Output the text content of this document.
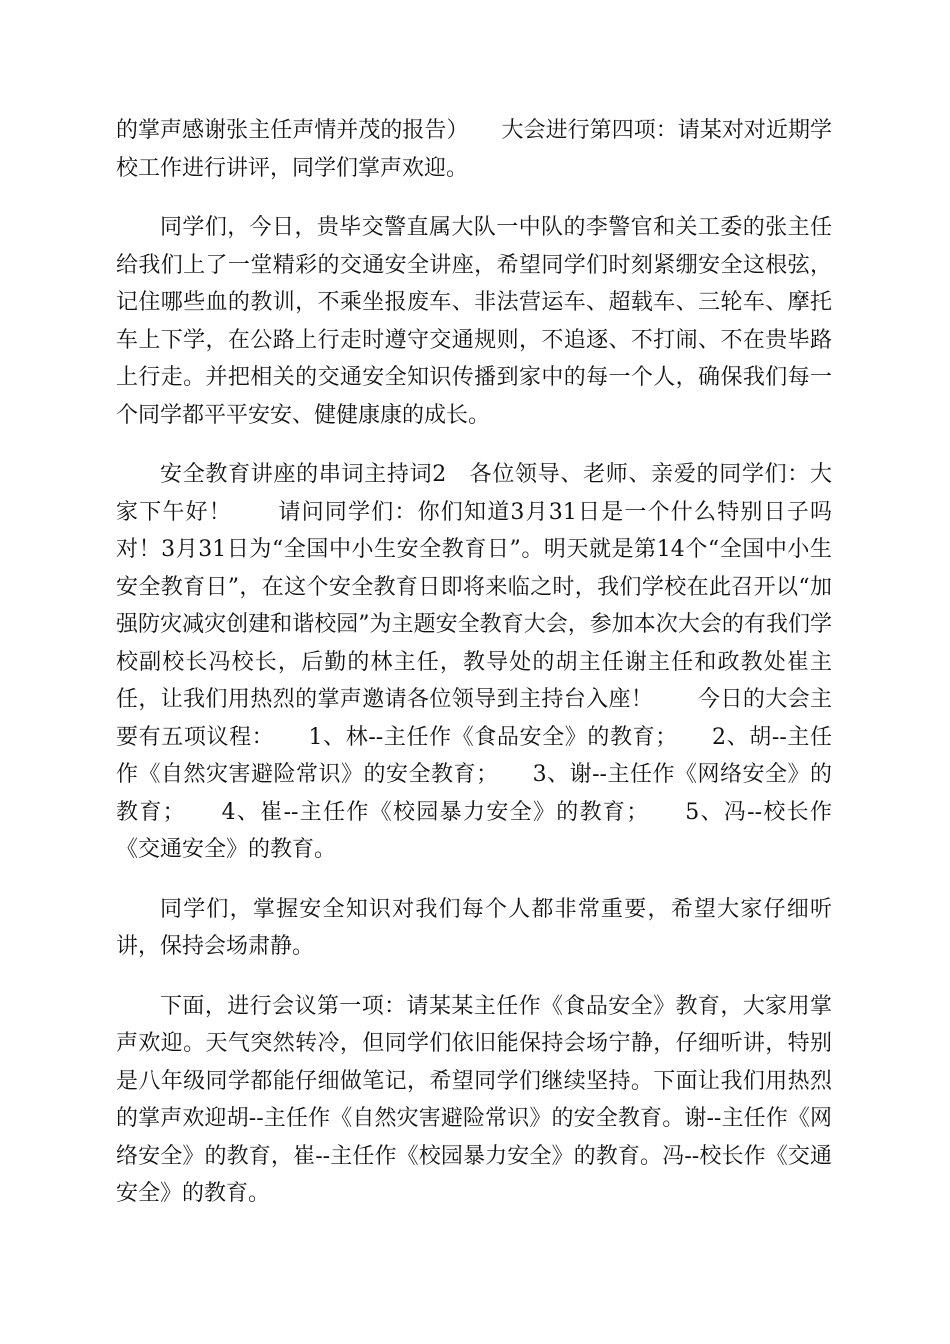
的掌声感谢张主任声情并茂的报告）　　大会进行第四项：请某对对近期学校工作进行讲评，同学们掌声欢迎。

同学们，今日，贵毕交警直属大队一中队的李警官和关工委的张主任给我们上了一堂精彩的交通安全讲座，希望同学们时刻紧绷安全这根弦，记住哪些血的教训，不乘坐报废车、非法营运车、超载车、三轮车、摩托车上下学，在公路上行走时遵守交通规则，不追逐、不打闹、不在贵毕路上行走。并把相关的交通安全知识传播到家中的每一个人，确保我们每一个同学都平平安安、健健康康的成长。

安全教育讲座的串词主持词2　各位领导、老师、亲爱的同学们：大家下午好！　　请问同学们：你们知道3月31日是一个什么特别日子吗　对！3月31日为“全国中小生安全教育日”。明天就是第14个“全国中小生安全教育日”，在这个安全教育日即将来临之时，我们学校在此召开以“加强防灾减灾创建和谐校园”为主题安全教育大会，参加本次大会的有我们学校副校长冯校长，后勤的林主任，教导处的胡主任谢主任和政教处崔主任，让我们用热烈的掌声邀请各位领导到主持台入座！　　今日的大会主要有五项议程：　　1、林--主任作《食品安全》的教育；　　2、胡--主任作《自然灾害避险常识》的安全教育；　　3、谢--主任作《网络安全》的教育；　　4、崔--主任作《校园暴力安全》的教育；　　5、冯--校长作《交通安全》的教育。

同学们，掌握安全知识对我们每个人都非常重要，希望大家仔细听讲，保持会场肃静。

下面，进行会议第一项：请某某主任作《食品安全》教育，大家用掌声欢迎。天气突然转冷，但同学们依旧能保持会场宁静，仔细听讲，特别是八年级同学都能仔细做笔记，希望同学们继续坚持。下面让我们用热烈的掌声欢迎胡--主任作《自然灾害避险常识》的安全教育。谢--主任作《网络安全》的教育，崔--主任作《校园暴力安全》的教育。冯--校长作《交通安全》的教育。
